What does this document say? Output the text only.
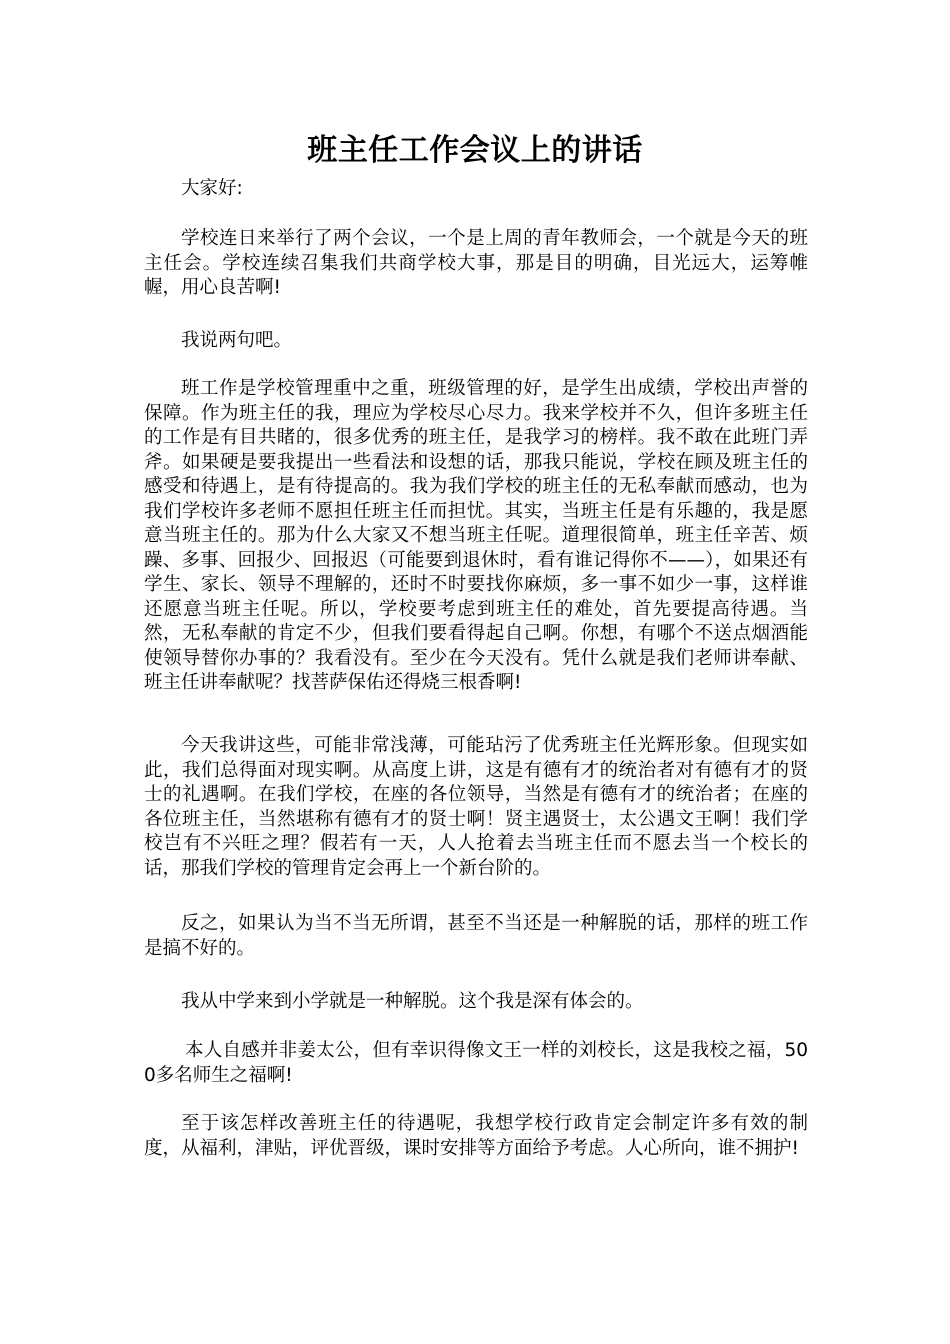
班主任工作会议上的讲话

大家好:

学校连日来举行了两个会议，一个是上周的青年教师会，一个就是今天的班主任会。学校连续召集我们共商学校大事，那是目的明确，目光远大，运筹帷幄，用心良苦啊!

我说两句吧。

班工作是学校管理重中之重，班级管理的好，是学生出成绩，学校出声誉的保障。作为班主任的我，理应为学校尽心尽力。我来学校并不久，但许多班主任的工作是有目共睹的，很多优秀的班主任，是我学习的榜样。我不敢在此班门弄斧。如果硬是要我提出一些看法和设想的话，那我只能说，学校在顾及班主任的感受和待遇上，是有待提高的。我为我们学校的班主任的无私奉献而感动，也为我们学校许多老师不愿担任班主任而担忧。其实，当班主任是有乐趣的，我是愿意当班主任的。那为什么大家又不想当班主任呢。道理很简单，班主任辛苦、烦躁、多事、回报少、回报迟（可能要到退休时，看有谁记得你不——），如果还有学生、家长、领导不理解的，还时不时要找你麻烦，多一事不如少一事，这样谁还愿意当班主任呢。所以，学校要考虑到班主任的难处，首先要提高待遇。当然，无私奉献的肯定不少，但我们要看得起自己啊。你想，有哪个不送点烟酒能使领导替你办事的？我看没有。至少在今天没有。凭什么就是我们老师讲奉献、班主任讲奉献呢？找菩萨保佑还得烧三根香啊!

今天我讲这些，可能非常浅薄，可能玷污了优秀班主任光辉形象。但现实如此，我们总得面对现实啊。从高度上讲，这是有德有才的统治者对有德有才的贤士的礼遇啊。在我们学校，在座的各位领导，当然是有德有才的统治者；在座的各位班主任，当然堪称有德有才的贤士啊！贤主遇贤士，太公遇文王啊！我们学校岂有不兴旺之理？假若有一天，人人抢着去当班主任而不愿去当一个校长的话，那我们学校的管理肯定会再上一个新台阶的。

反之，如果认为当不当无所谓，甚至不当还是一种解脱的话，那样的班工作是搞不好的。

我从中学来到小学就是一种解脱。这个我是深有体会的。

本人自感并非姜太公，但有幸识得像文王一样的刘校长，这是我校之福，500多名师生之福啊!

至于该怎样改善班主任的待遇呢，我想学校行政肯定会制定许多有效的制度，从福利，津贴，评优晋级，课时安排等方面给予考虑。人心所向，谁不拥护!
